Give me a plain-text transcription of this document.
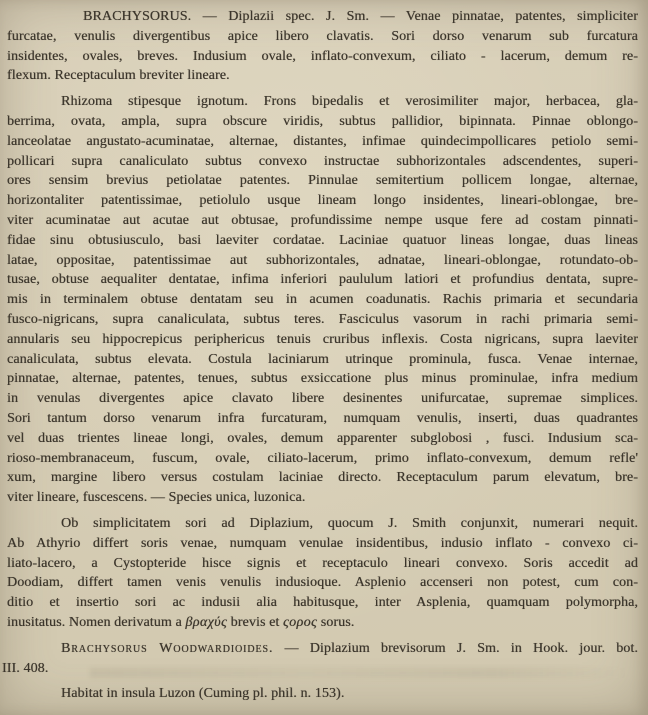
BRACHYSORUS. — Diplazii spec. J. Sm. — Venae pinnatae, patentes, simpliciter
furcatae, venulis divergentibus apice libero clavatis. Sori dorso venarum sub furcatura
insidentes, ovales, breves. Indusium ovale, inflato-convexum, ciliato - lacerum, demum re-
flexum. Receptaculum breviter lineare.
Rhizoma stipesque ignotum. Frons bipedalis et verosimiliter major, herbacea, gla-
berrima, ovata, ampla, supra obscure viridis, subtus pallidior, bipinnata. Pinnae oblongo-
lanceolatae angustato-acuminatae, alternae, distantes, infimae quindecimpollicares petiolo semi-
pollicari supra canaliculato subtus convexo instructae subhorizontales adscendentes, superi-
ores sensim brevius petiolatae patentes. Pinnulae semitertium pollicem longae, alternae,
horizontaliter patentissimae, petiolulo usque lineam longo insidentes, lineari-oblongae, bre-
viter acuminatae aut acutae aut obtusae, profundissime nempe usque fere ad costam pinnati-
fidae sinu obtusiusculo, basi laeviter cordatae. Laciniae quatuor lineas longae, duas lineas
latae, oppositae, patentissimae aut subhorizontales, adnatae, lineari-oblongae, rotundato-ob-
tusae, obtuse aequaliter dentatae, infima inferiori paululum latiori et profundius dentata, supre-
mis in terminalem obtuse dentatam seu in acumen coadunatis. Rachis primaria et secundaria
fusco-nigricans, supra canaliculata, subtus teres. Fasciculus vasorum in rachi primaria semi-
annularis seu hippocrepicus periphericus tenuis cruribus inflexis. Costa nigricans, supra laeviter
canaliculata, subtus elevata. Costula laciniarum utrinque prominula, fusca. Venae internae,
pinnatae, alternae, patentes, tenues, subtus exsiccatione plus minus prominulae, infra medium
in venulas divergentes apice clavato libere desinentes unifurcatae, supremae simplices.
Sori tantum dorso venarum infra furcaturam, numquam venulis, inserti, duas quadrantes
vel duas trientes lineae longi, ovales, demum apparenter subglobosi , fusci. Indusium sca-
rioso-membranaceum, fuscum, ovale, ciliato-lacerum, primo inflato-convexum, demum refle'
xum, margine libero versus costulam laciniae directo. Receptaculum parum elevatum, bre-
viter lineare, fuscescens. — Species unica, luzonica.
Ob simplicitatem sori ad Diplazium, quocum J. Smith conjunxit, numerari nequit.
Ab Athyrio differt soris venae, numquam venulae insidentibus, indusio inflato - convexo ci-
liato-lacero, a Cystopteride hisce signis et receptaculo lineari convexo. Soris accedit ad
Doodiam, differt tamen venis venulis indusioque. Asplenio accenseri non potest, cum con-
ditio et insertio sori ac indusii alia habitusque, inter Asplenia, quamquam polymorpha,
inusitatus. Nomen derivatum a βραχύς brevis et ςορος sorus.
Brachysorus Woodwardioides. — Diplazium brevisorum J. Sm. in Hook. jour. bot.
III. 408.
Habitat in insula Luzon (Cuming pl. phil. n. 153).
